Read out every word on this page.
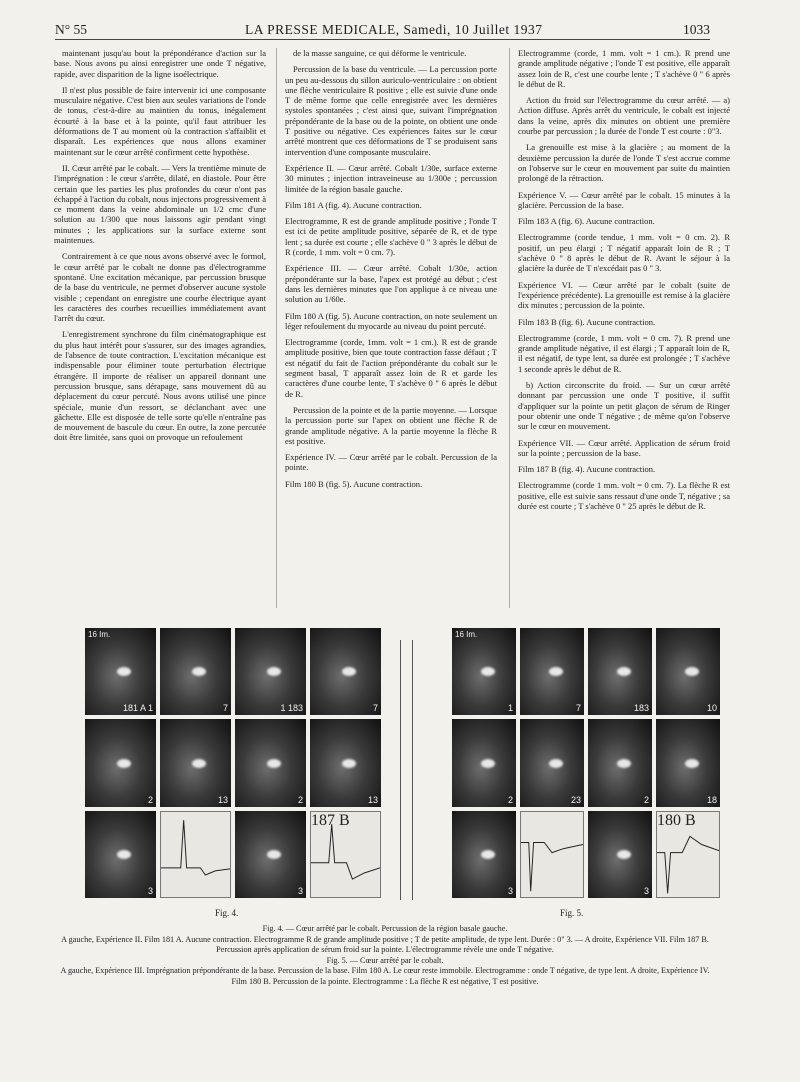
N° 55	LA PRESSE MEDICALE, Samedi, 10 Juillet 1937	1033

maintenant jusqu'au bout la prépondérance d'action sur la base. Nous avons pu ainsi enregistrer une onde T négative, rapide, avec disparition de la ligne isoélectrique.

Il n'est plus possible de faire intervenir ici une composante musculaire négative. C'est bien aux seules variations de l'onde de tonus, c'est-à-dire au maintien du tonus, inégalement écourté à la base et à la pointe, qu'il faut attribuer les déformations de T au moment où la contraction s'affaiblit et disparaît. Les expériences que nous allons examiner maintenant sur le cœur arrêté confirment cette hypothèse.

II. Cœur arrêté par le cobalt. — Vers la trentième minute de l'imprégnation : le cœur s'arrête, dilaté, en diastole. Pour être certain que les parties les plus profondes du cœur n'ont pas échappé à l'action du cobalt, nous injectons progressivement à ce moment dans la veine abdominale un 1/2 cmc d'une solution au 1/300 que nous laissons agir pendant vingt minutes ; les applications sur la surface externe sont maintenues.

Contrairement à ce que nous avons observé avec le formol, le cœur arrêté par le cobalt ne donne pas d'électrogramme spontané. Une excitation mécanique, par percussion brusque de la base du ventricule, ne permet d'observer aucune systole visible ; cependant on enregistre une courbe électrique ayant les caractères des courbes recueillies immédiatement avant l'arrêt du cœur.

L'enregistrement synchrone du film cinématographique est du plus haut intérêt pour s'assurer, sur des images agrandies, de l'absence de toute contraction. L'excitation mécanique est indispensable pour éliminer toute perturbation électrique étrangère. Il importe de réaliser un appareil donnant une percussion brusque, sans dérapage, sans mouvement dû au déplacement du cœur percuté. Nous avons utilisé une pince spéciale, munie d'un ressort, se déclanchant avec une gâchette. Elle est disposée de telle sorte qu'elle n'entraîne pas de mouvement de bascule du cœur. En outre, la zone percutée doit être limitée, sans quoi on provoque un refoulement

de la masse sanguine, ce qui déforme le ventricule.

Percussion de la base du ventricule. — La percussion porte un peu au-dessous du sillon auriculo-ventriculaire : on obtient une flèche ventriculaire R positive ; elle est suivie d'une onde T de même forme que celle enregistrée avec les dernières systoles spontanées ; c'est ainsi que, suivant l'imprégnation prépondérante de la base ou de la pointe, on obtient une onde T positive ou négative. Ces expériences faites sur le cœur arrêté montrent que ces déformations de T se produisent sans intervention d'une composante musculaire.

Expérience II. — Cœur arrêté. Cobalt 1/30e, surface externe 30 minutes ; injection intraveineuse au 1/300e ; percussion limitée de la région basale gauche.

Film 181 A (fig. 4). Aucune contraction.

Electrogramme, R est de grande amplitude positive ; l'onde T est ici de petite amplitude positive, séparée de R, et de type lent ; sa durée est courte ; elle s'achève 0 " 3 après le début de R (corde, 1 mm. volt = 0 cm. 7).

Expérience III. — Cœur arrêté. Cobalt 1/30e, action prépondérante sur la base, l'apex est protégé au début ; c'est dans les dernières minutes que l'on applique à ce niveau une solution au 1/60e.

Film 180 A (fig. 5). Aucune contraction, on note seulement un léger refoulement du myocarde au niveau du point percuté.

Electrogramme (corde, 1mm. volt = 1 cm.). R est de grande amplitude positive, bien que toute contraction fasse défaut ; T est négatif du fait de l'action prépondérante du cobalt sur le segment basal, T apparaît assez loin de R et garde les caractères d'une courbe lente, T s'achève 0 " 6 après le début de R.

Percussion de la pointe et de la partie moyenne. — Lorsque la percussion porte sur l'apex on obtient une flèche R de grande amplitude négative. A la partie moyenne la flèche R est positive.

Expérience IV. — Cœur arrêté par le cobalt. Percussion de la pointe.

Film 180 B (fig. 5). Aucune contraction.

Electrogramme (corde, 1 mm. volt = 1 cm.). R prend une grande amplitude négative ; l'onde T est positive, elle apparaît assez loin de R, c'est une courbe lente ; T s'achève 0 " 6 après le début de R.

Action du froid sur l'électrogramme du cœur arrêté. — a) Action diffuse. Après arrêt du ventricule, le cobalt est injecté dans la veine, après dix minutes on obtient une première courbe par percussion ; la durée de l'onde T est courte : 0"3.

La grenouille est mise à la glacière ; au moment de la deuxième percussion la durée de l'onde T s'est accrue comme on l'observe sur le cœur en mouvement par suite du maintien prolongé de la rétraction.

Expérience V. — Cœur arrêté par le cobalt. 15 minutes à la glacière. Percussion de la base.

Film 183 A (fig. 6). Aucune contraction.

Electrogramme (corde tendue, 1 mm. volt = 0 cm. 2). R positif, un peu élargi ; T négatif apparaît loin de R ; T s'achève 0 " 8 après le début de R. Avant le séjour à la glacière la durée de T n'excédait pas 0 " 3.

Expérience VI. — Cœur arrêté par le cobalt (suite de l'expérience précédente). La grenouille est remise à la glacière dix minutes ; percussion de la pointe.

Film 183 B (fig. 6). Aucune contraction.

Electrogramme (corde, 1 mm. volt = 0 cm. 7). R prend une grande amplitude négative, il est élargi ; T apparaît loin de R, il est négatif, de type lent, sa durée est prolongée ; T s'achève 1 seconde après le début de R.

b) Action circonscrite du froid. — Sur un cœur arrêté donnant par percussion une onde T positive, il suffit d'appliquer sur la pointe un petit glaçon de sérum de Ringer pour obtenir une onde T négative ; de même qu'on l'observe sur le cœur en mouvement.

Expérience VII. — Cœur arrêté. Application de sérum froid sur la pointe ; percussion de la base.

Film 187 B (fig. 4). Aucune contraction.

Electrogramme (corde 1 mm. volt = 0 cm. 7). La flèche R est positive, elle est suivie sans ressaut d'une onde T, négative ; sa durée est courte ; T s'achève 0 " 25 après le début de R.

16 Im.
181 A 1	7	1 183	7
2	13	2	13
3	3
187 B
16 Im.
1	7	183	10
2	23	2	18
3	3
180 B
Fig. 4.	Fig. 5.
Fig. 4. — Cœur arrêté par le cobalt. Percussion de la région basale gauche.
A gauche, Expérience II. Film 181 A. Aucune contraction. Electrogramme R de grande amplitude positive ; T de petite amplitude, de type lent. Durée : 0" 3. — A droite, Expérience VII. Film 187 B. Percussion après application de sérum froid sur la pointe. L'électrogramme révèle une onde T négative.
Fig. 5. — Cœur arrêté par le cobalt.
A gauche, Expérience III. Imprégnation prépondérante de la base. Percussion de la base. Film 180 A. Le cœur reste immobile. Electrogramme : onde T négative, de type lent. A droite, Expérience IV. Film 180 B. Percussion de la pointe. Electrogramme : La flèche R est négative, T est positive.
